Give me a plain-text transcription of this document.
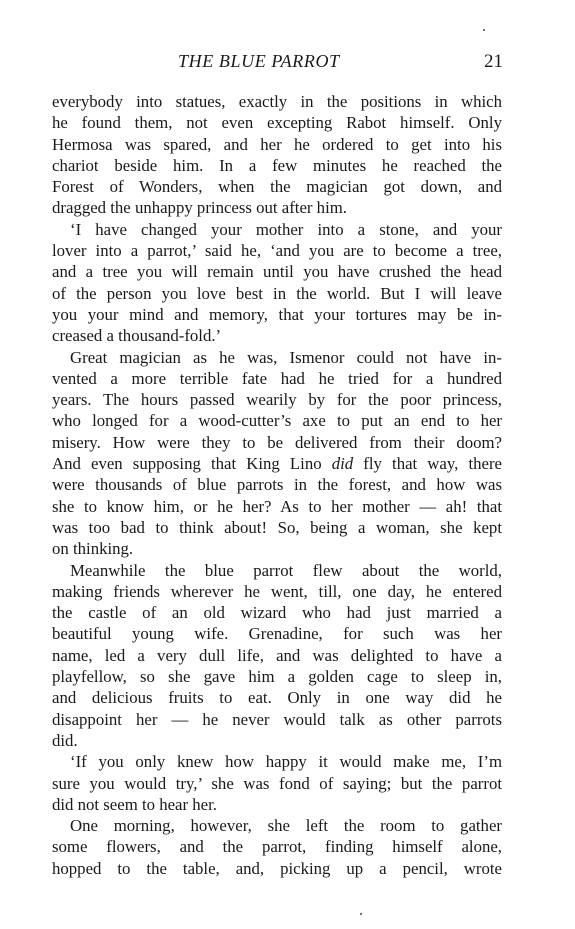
THE BLUE PARROT	21
everybody into statues, exactly in the positions in which
he found them, not even excepting Rabot himself. Only
Hermosa was spared, and her he ordered to get into his
chariot beside him. In a few minutes he reached the
Forest of Wonders, when the magician got down, and
dragged the unhappy princess out after him.
‘I have changed your mother into a stone, and your
lover into a parrot,’ said he, ‘and you are to become a tree,
and a tree you will remain until you have crushed the head
of the person you love best in the world. But I will leave
you your mind and memory, that your tortures may be in-
creased a thousand-fold.’
Great magician as he was, Ismenor could not have in-
vented a more terrible fate had he tried for a hundred
years. The hours passed wearily by for the poor princess,
who longed for a wood-cutter’s axe to put an end to her
misery. How were they to be delivered from their doom?
And even supposing that King Lino did fly that way, there
were thousands of blue parrots in the forest, and how was
she to know him, or he her? As to her mother — ah! that
was too bad to think about! So, being a woman, she kept
on thinking.
Meanwhile the blue parrot flew about the world,
making friends wherever he went, till, one day, he entered
the castle of an old wizard who had just married a
beautiful young wife. Grenadine, for such was her
name, led a very dull life, and was delighted to have a
playfellow, so she gave him a golden cage to sleep in,
and delicious fruits to eat. Only in one way did he
disappoint her — he never would talk as other parrots
did.
‘If you only knew how happy it would make me, I’m
sure you would try,’ she was fond of saying; but the parrot
did not seem to hear her.
One morning, however, she left the room to gather
some flowers, and the parrot, finding himself alone,
hopped to the table, and, picking up a pencil, wrote
